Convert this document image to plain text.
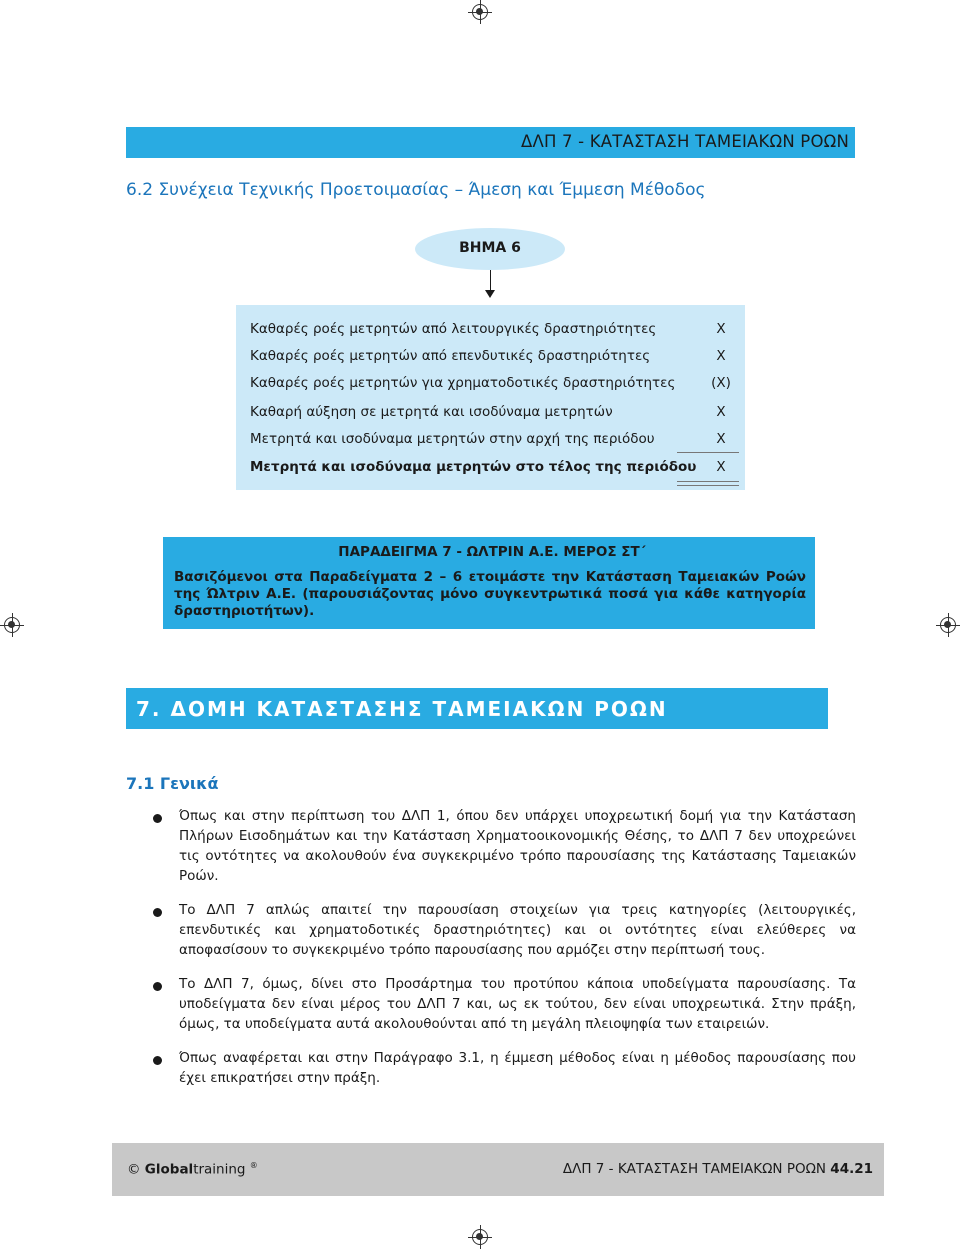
ΔΛΠ 7 - ΚΑΤΑΣΤΑΣΗ ΤΑΜΕΙΑΚΩΝ ΡΟΩΝ
6.2 Συνέχεια Τεχνικής Προετοιμασίας – Άμεση και Έμμεση Μέθοδος
ΒΗΜΑ 6
Καθαρές ροές μετρητών από λειτουργικές δραστηριότητες	Χ
Καθαρές ροές μετρητών από επενδυτικές δραστηριότητες	Χ
Καθαρές ροές μετρητών για χρηματοδοτικές δραστηριότητες	(Χ)
Καθαρή αύξηση σε μετρητά και ισοδύναμα μετρητών	Χ
Μετρητά και ισοδύναμα μετρητών στην αρχή της περιόδου	Χ
Μετρητά και ισοδύναμα μετρητών στο τέλος της περιόδου	Χ
ΠΑΡΑΔΕΙΓΜΑ 7 - ΩΛΤΡΙΝ Α.Ε. ΜΕΡΟΣ ΣΤ΄
Βασιζόμενοι στα Παραδείγματα 2 – 6 ετοιμάστε την Κατάσταση Ταμειακών Ροών της Ώλτριν Α.Ε. (παρουσιάζοντας μόνο συγκεντρωτικά ποσά για κάθε κατηγορία δραστηριοτήτων).
7. ΔΟΜΗ ΚΑΤΑΣΤΑΣΗΣ ΤΑΜΕΙΑΚΩΝ ΡΟΩΝ
7.1 Γενικά
Όπως και στην περίπτωση του ΔΛΠ 1, όπου δεν υπάρχει υποχρεωτική δομή για την Κατάσταση Πλήρων Εισοδημάτων και την Κατάσταση Χρηματοοικονομικής Θέσης, το ΔΛΠ 7 δεν υποχρεώνει τις οντότητες να ακολουθούν ένα συγκεκριμένο τρόπο παρουσίασης της Κατάστασης Ταμειακών Ροών.
Το ΔΛΠ 7 απλώς απαιτεί την παρουσίαση στοιχείων για τρεις κατηγορίες (λειτουργικές, επενδυτικές και χρηματοδοτικές δραστηριότητες) και οι οντότητες είναι ελεύθερες να αποφασίσουν το συγκεκριμένο τρόπο παρουσίασης που αρμόζει στην περίπτωσή τους.
Το ΔΛΠ 7, όμως, δίνει στο Προσάρτημα του προτύπου κάποια υποδείγματα παρουσίασης. Τα υποδείγματα δεν είναι μέρος του ΔΛΠ 7 και, ως εκ τούτου, δεν είναι υποχρεωτικά. Στην πράξη, όμως, τα υποδείγματα αυτά ακολουθούνται από τη μεγάλη πλειοψηφία των εταιρειών.
Όπως αναφέρεται και στην Παράγραφο 3.1, η έμμεση μέθοδος είναι η μέθοδος παρουσίασης που έχει επικρατήσει στην πράξη.
© Globaltraining ®	ΔΛΠ 7 - ΚΑΤΑΣΤΑΣΗ ΤΑΜΕΙΑΚΩΝ ΡΟΩΝ 44.21
